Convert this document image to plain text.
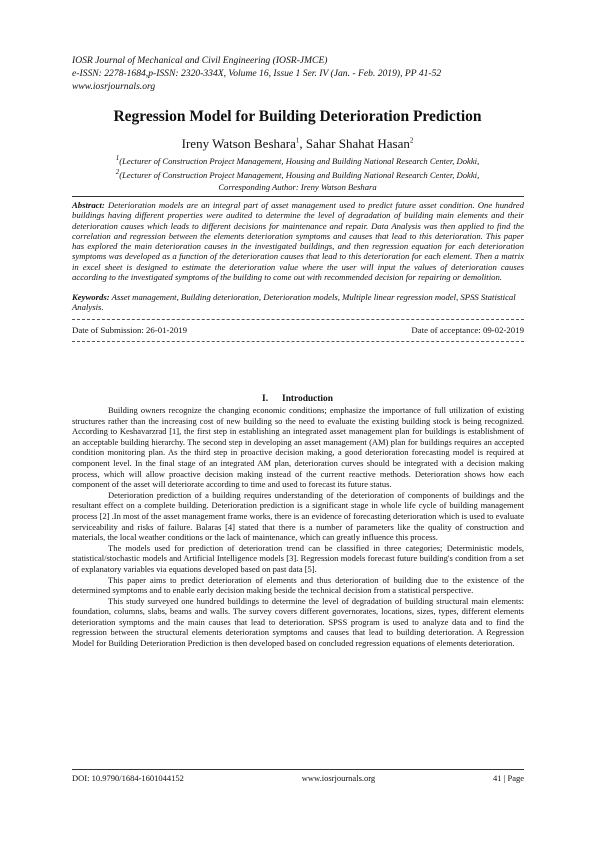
IOSR Journal of Mechanical and Civil Engineering (IOSR-JMCE)
e-ISSN: 2278-1684,p-ISSN: 2320-334X, Volume 16, Issue 1 Ser. IV (Jan. - Feb. 2019), PP 41-52
www.iosrjournals.org
Regression Model for Building Deterioration Prediction
Ireny Watson Beshara$^1$, Sahar Shahat Hasan$^2$
$^1$(Lecturer of Construction Project Management, Housing and Building National Research Center, Dokki,
$^2$(Lecturer of Construction Project Management, Housing and Building National Research Center, Dokki,
Corresponding Author: Ireny Watson Beshara
Abstract: Deterioration models are an integral part of asset management used to predict future asset condition. One hundred buildings having different properties were audited to determine the level of degradation of building main elements and their deterioration causes which leads to different decisions for maintenance and repair. Data Analysis was then applied to find the correlation and regression between the elements deterioration symptoms and causes that lead to this deterioration. This paper has explored the main deterioration causes in the investigated buildings, and then regression equation for each deterioration symptoms was developed as a function of the deterioration causes that lead to this deterioration for each element. Then a matrix in excel sheet is designed to estimate the deterioration value where the user will input the values of deterioration causes according to the investigated symptoms of the building to come out with recommended decision for repairing or demolition.
Keywords: Asset management, Building deterioration, Deterioration models, Multiple linear regression model, SPSS Statistical Analysis.
Date of Submission: 26-01-2019	Date of acceptance: 09-02-2019
I. Introduction

Building owners recognize the changing economic conditions; emphasize the importance of full utilization of existing structures rather than the increasing cost of new building so the need to evaluate the existing building stock is being recognized. According to Keshavarzrad [1], the first step in establishing an integrated asset management plan for buildings is establishment of an acceptable building hierarchy. The second step in developing an asset management (AM) plan for buildings requires an accepted condition monitoring plan. As the third step in proactive decision making, a good deterioration forecasting model is required at component level. In the final stage of an integrated AM plan, deterioration curves should be integrated with a decision making process, which will allow proactive decision making instead of the current reactive methods. Deterioration shows how each component of the asset will deteriorate according to time and used to forecast its future status.

Deterioration prediction of a building requires understanding of the deterioration of components of buildings and the resultant effect on a complete building. Deterioration prediction is a significant stage in whole life cycle of building management process [2] .In most of the asset management frame works, there is an evidence of forecasting deterioration which is used to evaluate serviceability and risks of failure. Balaras [4] stated that there is a number of parameters like the quality of construction and materials, the local weather conditions or the lack of maintenance, which can greatly influence this process.

The models used for prediction of deterioration trend can be classified in three categories; Deterministic models, statistical/stochastic models and Artificial Intelligence models [3]. Regression models forecast future building's condition from a set of explanatory variables via equations developed based on past data [5].

This paper aims to predict deterioration of elements and thus deterioration of building due to the existence of the determined symptoms and to enable early decision making beside the technical decision from a statistical perspective.

This study surveyed one hundred buildings to determine the level of degradation of building structural main elements: foundation, columns, slabs, beams and walls. The survey covers different governorates, locations, sizes, types, different elements deterioration symptoms and the main causes that lead to deterioration. SPSS program is used to analyze data and to find the regression between the structural elements deterioration symptoms and causes that lead to building deterioration. A Regression Model for Building Deterioration Prediction is then developed based on concluded regression equations of elements deterioration.

DOI: 10.9790/1684-1601044152	www.iosrjournals.org	41 | Page
